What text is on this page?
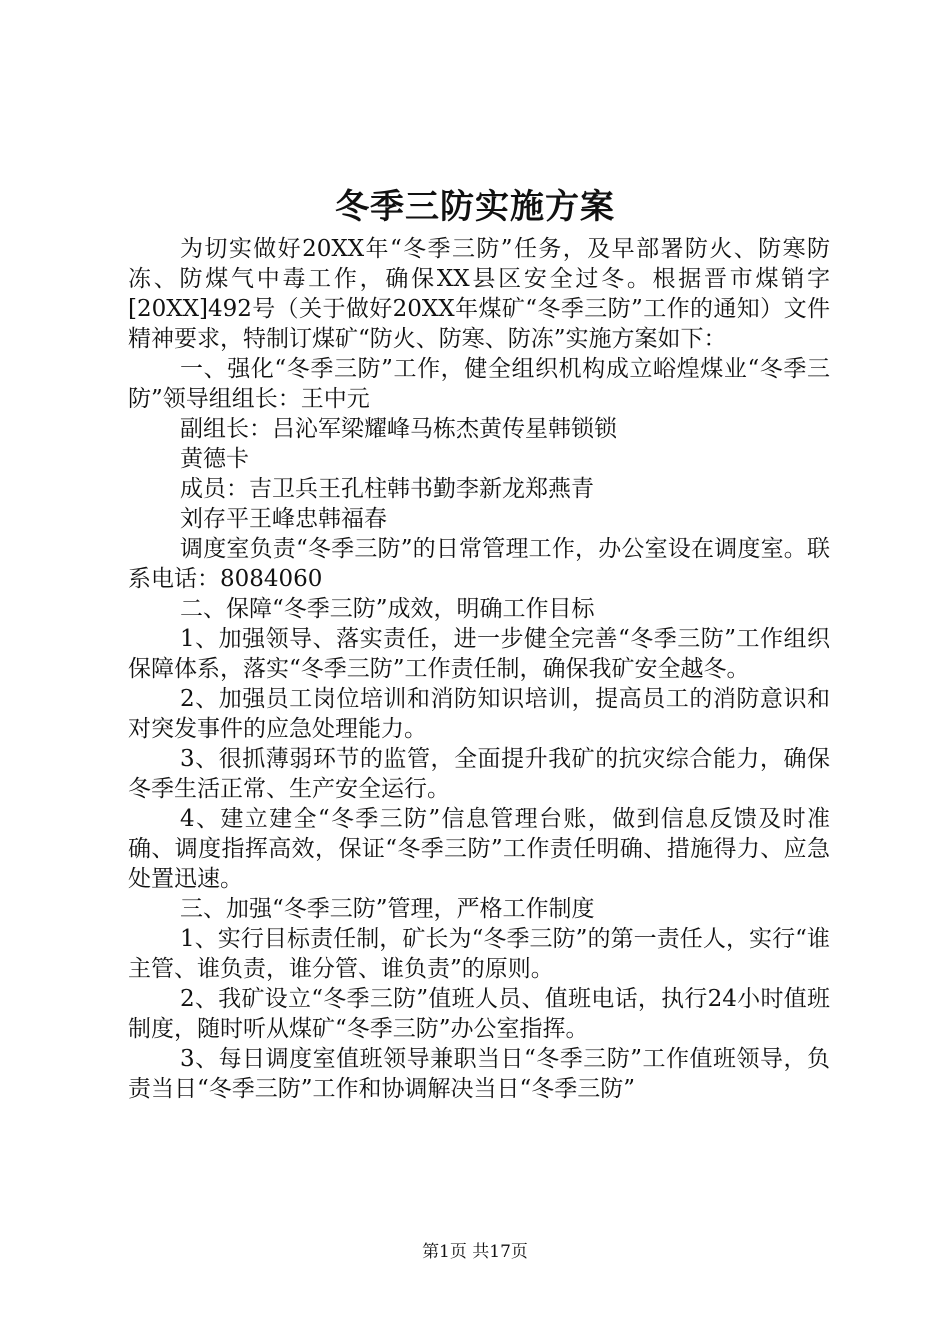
冬季三防实施方案

为切实做好20XX年“冬季三防”任务，及早部署防火、防寒防冻、防煤气中毒工作，确保XX县区安全过冬。根据晋市煤销字[20XX]492号（关于做好20XX年煤矿“冬季三防”工作的通知）文件精神要求，特制订煤矿“防火、防寒、防冻”实施方案如下：

一、强化“冬季三防”工作，健全组织机构成立峪煌煤业“冬季三防”领导组组长：王中元

副组长：吕沁军梁耀峰马栋杰黄传星韩锁锁

黄德卡

成员：吉卫兵王孔柱韩书勤李新龙郑燕青

刘存平王峰忠韩福春

调度室负责“冬季三防”的日常管理工作，办公室设在调度室。联系电话：8084060

二、保障“冬季三防”成效，明确工作目标

1、加强领导、落实责任，进一步健全完善“冬季三防”工作组织保障体系，落实“冬季三防”工作责任制，确保我矿安全越冬。

2、加强员工岗位培训和消防知识培训，提高员工的消防意识和对突发事件的应急处理能力。

3、很抓薄弱环节的监管，全面提升我矿的抗灾综合能力，确保冬季生活正常、生产安全运行。

4、建立建全“冬季三防”信息管理台账，做到信息反馈及时准确、调度指挥高效，保证“冬季三防”工作责任明确、措施得力、应急处置迅速。

三、加强“冬季三防”管理，严格工作制度

1、实行目标责任制，矿长为“冬季三防”的第一责任人，实行“谁主管、谁负责，谁分管、谁负责”的原则。

2、我矿设立“冬季三防”值班人员、值班电话，执行24小时值班制度，随时听从煤矿“冬季三防”办公室指挥。

3、每日调度室值班领导兼职当日“冬季三防”工作值班领导，负责当日“冬季三防”工作和协调解决当日“冬季三防”

第1页 共17页
